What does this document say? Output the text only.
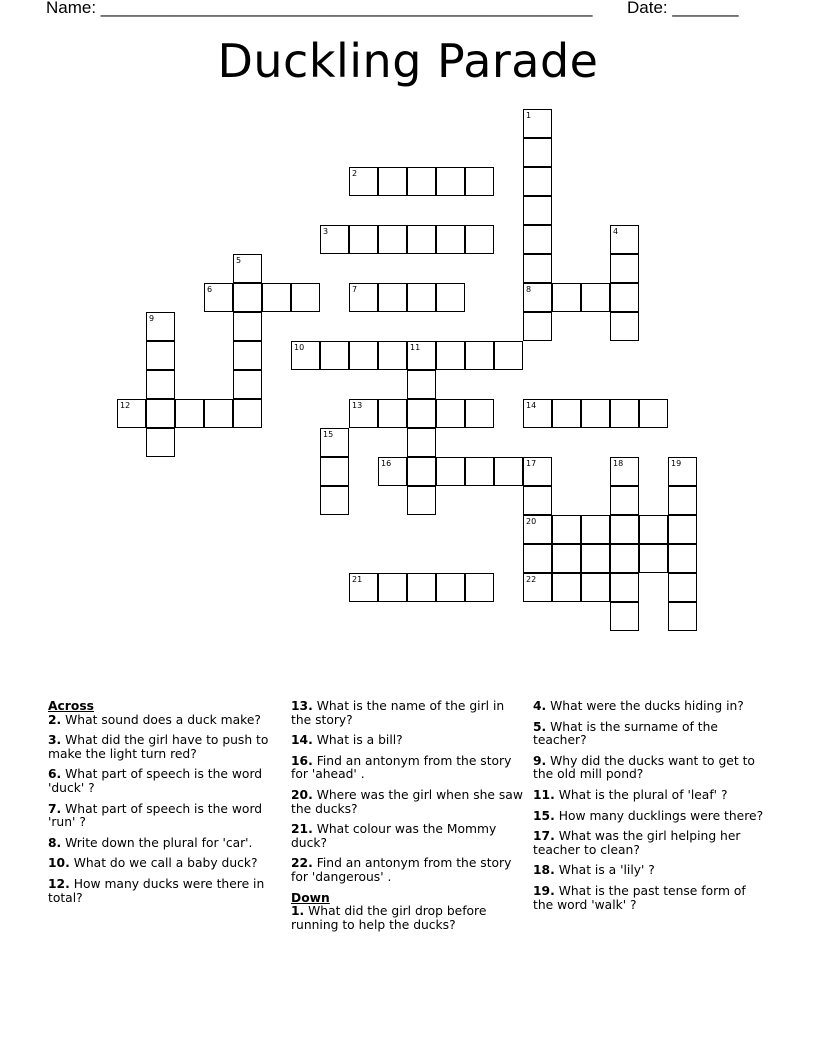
Name: ____________________________________________________ Date: _______
Duckling Parade
1
2
3	4
5
6	7	8
9
10	11
12	13	14
15
16	17	18	19
20
21	22

Across

2. What sound does a duck make?

3. What did the girl have to push to make the light turn red?

6. What part of speech is the word 'duck' ?

7. What part of speech is the word 'run' ?

8. Write down the plural for 'car'.

10. What do we call a baby duck?

12. How many ducks were there in total?

13. What is the name of the girl in the story?

14. What is a bill?

16. Find an antonym from the story for 'ahead' .

20. Where was the girl when she saw the ducks?

21. What colour was the Mommy duck?

22. Find an antonym from the story for 'dangerous' .

Down

1. What did the girl drop before running to help the ducks?

4. What were the ducks hiding in?

5. What is the surname of the teacher?

9. Why did the ducks want to get to the old mill pond?

11. What is the plural of 'leaf' ?

15. How many ducklings were there?

17. What was the girl helping her teacher to clean?

18. What is a 'lily' ?

19. What is the past tense form of the word 'walk' ?
